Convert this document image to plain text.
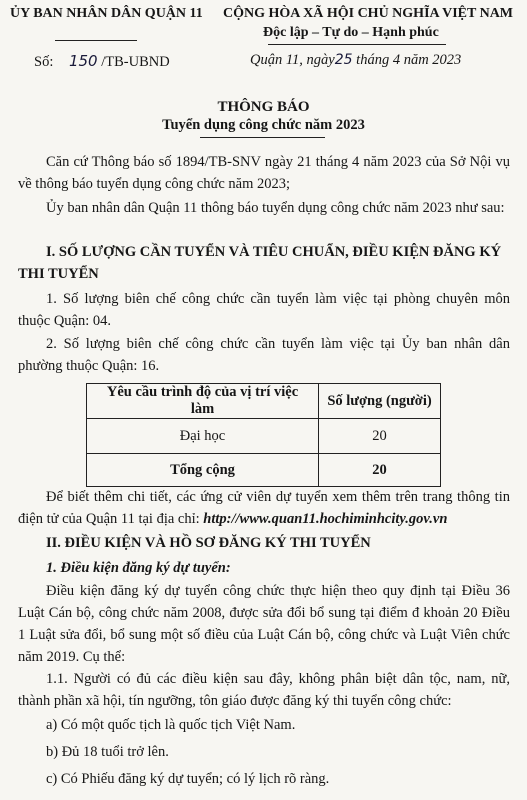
ỦY BAN NHÂN DÂN QUẬN 11
Số: 150 /TB-UBND
CỘNG HÒA XÃ HỘI CHỦ NGHĨA VIỆT NAM
Độc lập – Tự do – Hạnh phúc
Quận 11, ngày25 tháng 4 năm 2023
THÔNG BÁO
Tuyển dụng công chức năm 2023
Căn cứ Thông báo số 1894/TB-SNV ngày 21 tháng 4 năm 2023 của Sở Nội vụ về thông báo tuyển dụng công chức năm 2023;
Ủy ban nhân dân Quận 11 thông báo tuyển dụng công chức năm 2023 như sau:
I. SỐ LƯỢNG CẦN TUYỂN VÀ TIÊU CHUẨN, ĐIỀU KIỆN ĐĂNG KÝ THI TUYỂN
1. Số lượng biên chế công chức cần tuyển làm việc tại phòng chuyên môn thuộc Quận: 04.
2. Số lượng biên chế công chức cần tuyển làm việc tại Ủy ban nhân dân phường thuộc Quận: 16.
Yêu cầu trình độ của vị trí việc làm	Số lượng (người)
Đại học	20
Tổng cộng	20
Để biết thêm chi tiết, các ứng cử viên dự tuyển xem thêm trên trang thông tin điện tử của Quận 11 tại địa chỉ: http://www.quan11.hochiminhcity.gov.vn
II. ĐIỀU KIỆN VÀ HỒ SƠ ĐĂNG KÝ THI TUYỂN
1. Điều kiện đăng ký dự tuyển:
Điều kiện đăng ký dự tuyển công chức thực hiện theo quy định tại Điều 36 Luật Cán bộ, công chức năm 2008, được sửa đổi bổ sung tại điểm đ khoản 20 Điều 1 Luật sửa đổi, bổ sung một số điều của Luật Cán bộ, công chức và Luật Viên chức năm 2019. Cụ thể:
1.1. Người có đủ các điều kiện sau đây, không phân biệt dân tộc, nam, nữ, thành phần xã hội, tín ngưỡng, tôn giáo được đăng ký thi tuyển công chức:
a) Có một quốc tịch là quốc tịch Việt Nam.
b) Đủ 18 tuổi trở lên.
c) Có Phiếu đăng ký dự tuyển; có lý lịch rõ ràng.
